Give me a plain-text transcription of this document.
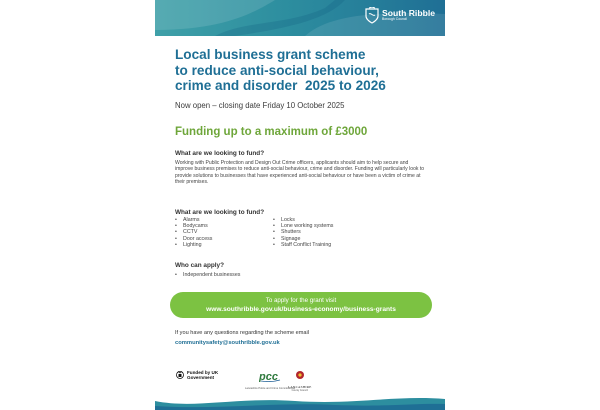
South Ribble
Borough Council
Local business grant scheme
to reduce anti-social behaviour,
crime and disorder 2025 to 2026

Now open – closing date Friday 10 October 2025

Funding up to a maximum of £3000

What are we looking to fund?

Working with Public Protection and Design Out Crime officers, applicants should aim to help secure and improve business premises to reduce anti-social behaviour, crime and disorder. Funding will particularly look to provide solutions to businesses that have experienced anti-social behaviour or have been a victim of crime at their premises.

What are we looking to fund?

• Alarms
• Bodycams
• CCTV
• Door access
• Lighting
• Locks
• Lone working systems
• Shutters
• Signage
• Staff Conflict Training

Who can apply?

• Independent businesses
To apply for the grant visit
www.southribble.gov.uk/business-economy/business-grants

If you have any questions regarding the scheme email

communitysafety@southribble.gov.uk
Funded by UK Government	pcc
Lancashire Police and Crime Commissioner
LANCASHIRE
County Council
